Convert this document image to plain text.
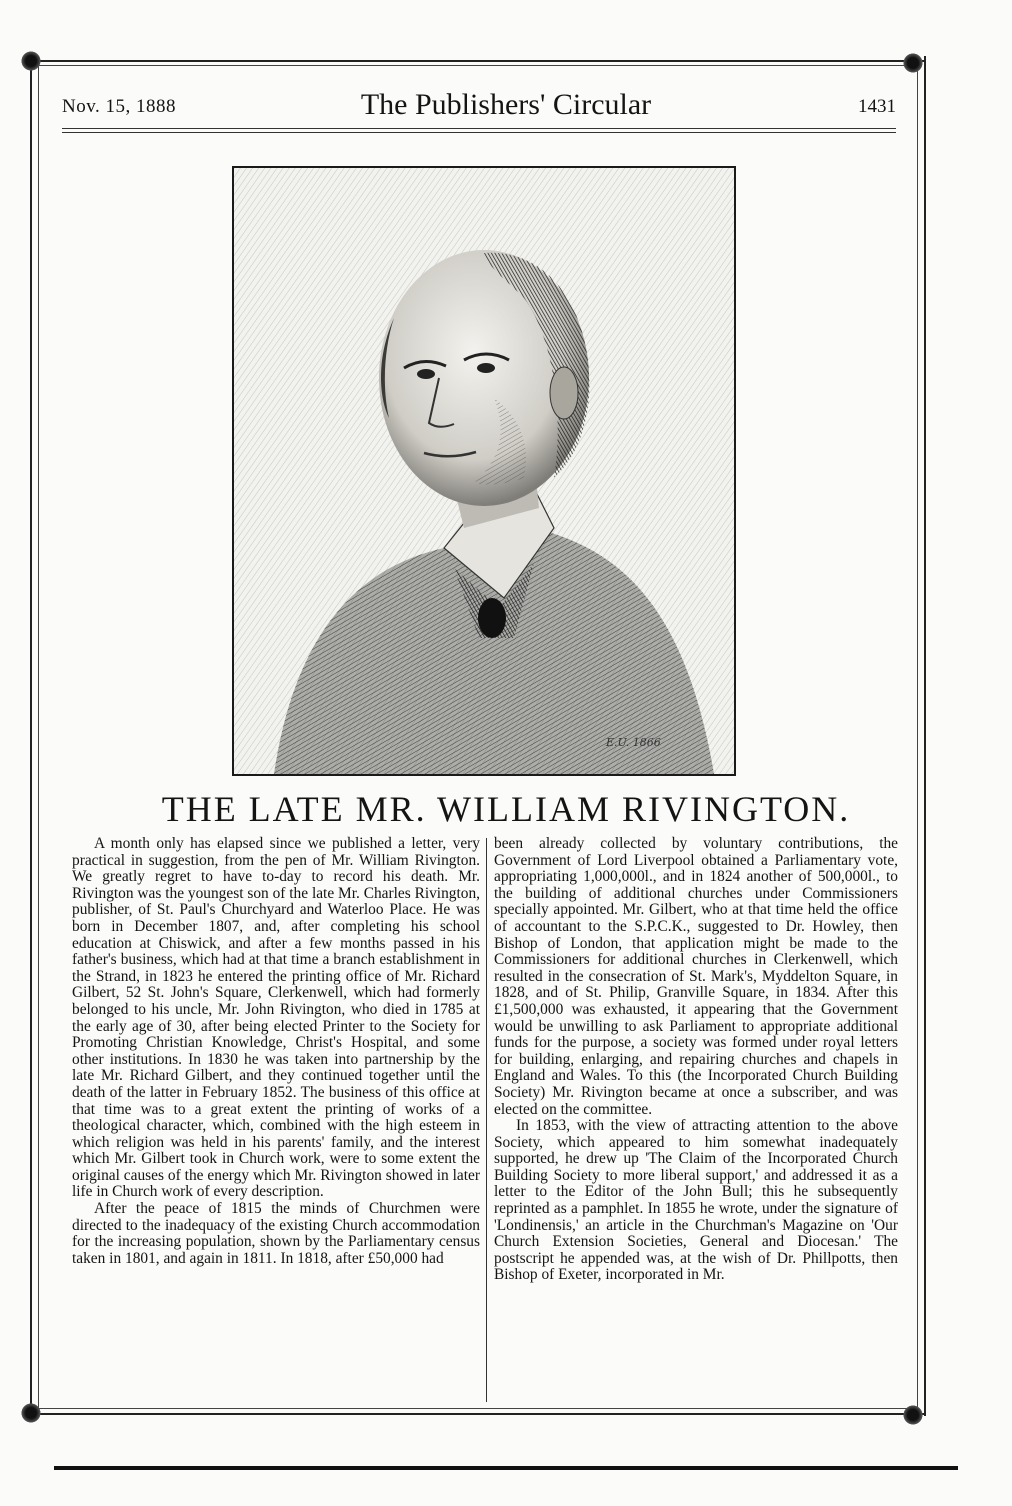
Nov. 15, 1888	The Publishers' Circular	1431
E.U. 1866
THE LATE MR. WILLIAM RIVINGTON.

A month only has elapsed since we published a letter, very practical in suggestion, from the pen of Mr. William Rivington. We greatly regret to have to-day to record his death. Mr. Rivington was the youngest son of the late Mr. Charles Rivington, publisher, of St. Paul's Churchyard and Waterloo Place. He was born in December 1807, and, after completing his school education at Chiswick, and after a few months passed in his father's business, which had at that time a branch establishment in the Strand, in 1823 he entered the printing office of Mr. Richard Gilbert, 52 St. John's Square, Clerkenwell, which had formerly belonged to his uncle, Mr. John Rivington, who died in 1785 at the early age of 30, after being elected Printer to the Society for Promoting Christian Knowledge, Christ's Hospital, and some other institutions. In 1830 he was taken into partnership by the late Mr. Richard Gilbert, and they continued together until the death of the latter in February 1852. The business of this office at that time was to a great extent the printing of works of a theological character, which, combined with the high esteem in which religion was held in his parents' family, and the interest which Mr. Gilbert took in Church work, were to some extent the original causes of the energy which Mr. Rivington showed in later life in Church work of every description.

After the peace of 1815 the minds of Churchmen were directed to the inadequacy of the existing Church accommodation for the increasing population, shown by the Parliamentary census taken in 1801, and again in 1811. In 1818, after £50,000 had

been already collected by voluntary contributions, the Government of Lord Liverpool obtained a Parliamentary vote, appropriating 1,000,000l., and in 1824 another of 500,000l., to the building of additional churches under Commissioners specially appointed. Mr. Gilbert, who at that time held the office of accountant to the S.P.C.K., suggested to Dr. Howley, then Bishop of London, that application might be made to the Commissioners for additional churches in Clerkenwell, which resulted in the consecration of St. Mark's, Myddelton Square, in 1828, and of St. Philip, Granville Square, in 1834. After this £1,500,000 was exhausted, it appearing that the Government would be unwilling to ask Parliament to appropriate additional funds for the purpose, a society was formed under royal letters for building, enlarging, and repairing churches and chapels in England and Wales. To this (the Incorporated Church Building Society) Mr. Rivington became at once a subscriber, and was elected on the committee.

In 1853, with the view of attracting attention to the above Society, which appeared to him somewhat inadequately supported, he drew up 'The Claim of the Incorporated Church Building Society to more liberal support,' and addressed it as a letter to the Editor of the John Bull; this he subsequently reprinted as a pamphlet. In 1855 he wrote, under the signature of 'Londinensis,' an article in the Churchman's Magazine on 'Our Church Extension Societies, General and Diocesan.' The postscript he appended was, at the wish of Dr. Phillpotts, then Bishop of Exeter, incorporated in Mr.
